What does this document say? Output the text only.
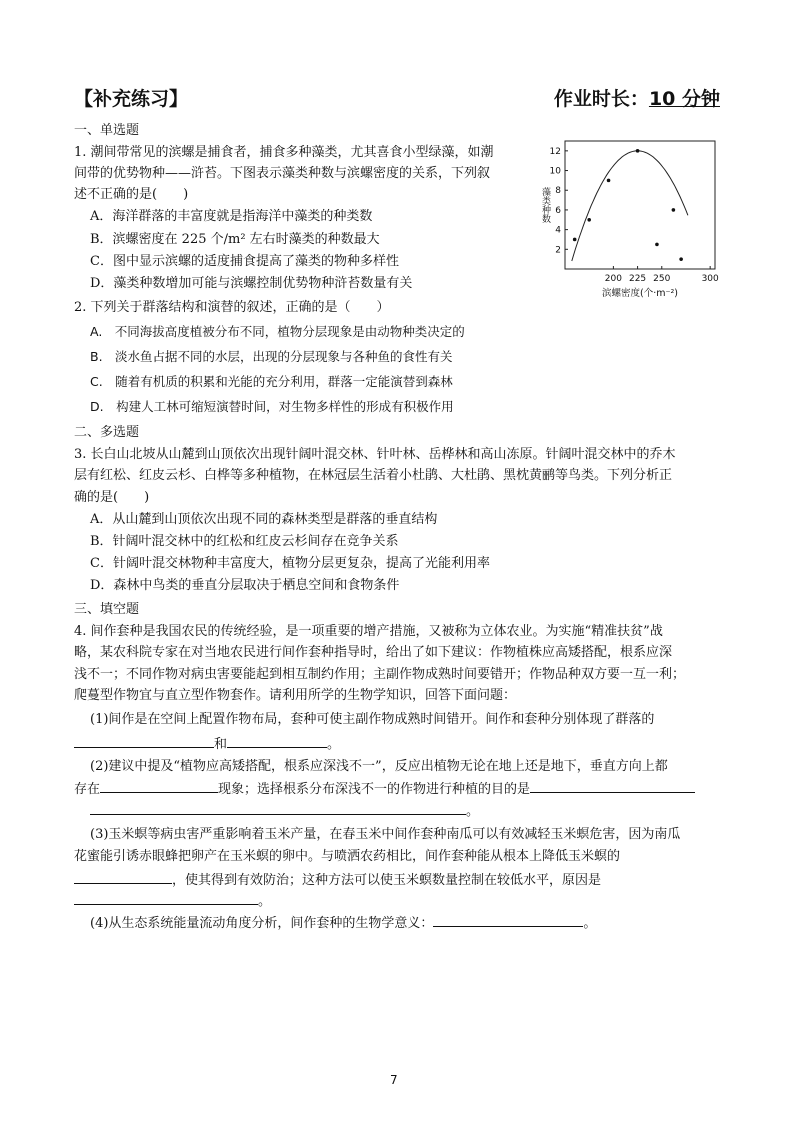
【补充练习】	作业时长：10 分钟
一、单选题
1. 潮间带常见的滨螺是捕食者，捕食多种藻类，尤其喜食小型绿藻，如潮
间带的优势物种——浒苔。下图表示藻类种数与滨螺密度的关系，下列叙
述不正确的是(　　)
A．海洋群落的丰富度就是指海洋中藻类的种类数
B．滨螺密度在 225 个/m² 左右时藻类的种数最大
C．图中显示滨螺的适度捕食提高了藻类的物种多样性
D．藻类种数增加可能与滨螺控制优势物种浒苔数量有关
2
4
6
8
10
12
200 225 250	300
滨螺密度(个·m⁻²)
藻类种数
2. 下列关于群落结构和演替的叙述，正确的是（　　）
A.　不同海拔高度植被分布不同，植物分层现象是由动物种类决定的
B.　淡水鱼占据不同的水层，出现的分层现象与各种鱼的食性有关
C.　随着有机质的积累和光能的充分利用，群落一定能演替到森林
D.　构建人工林可缩短演替时间，对生物多样性的形成有积极作用
二、多选题
3. 长白山北坡从山麓到山顶依次出现针阔叶混交林、针叶林、岳桦林和高山冻原。针阔叶混交林中的乔木
层有红松、红皮云杉、白桦等多种植物，在林冠层生活着小杜鹃、大杜鹃、黑枕黄鹂等鸟类。下列分析正
确的是(　　)
A．从山麓到山顶依次出现不同的森林类型是群落的垂直结构
B．针阔叶混交林中的红松和红皮云杉间存在竞争关系
C．针阔叶混交林物种丰富度大，植物分层更复杂，提高了光能利用率
D．森林中鸟类的垂直分层取决于栖息空间和食物条件
三、填空题
4. 间作套种是我国农民的传统经验，是一项重要的增产措施，又被称为立体农业。为实施“精准扶贫”战
略，某农科院专家在对当地农民进行间作套种指导时，给出了如下建议：作物植株应高矮搭配，根系应深
浅不一；不同作物对病虫害要能起到相互制约作用；主副作物成熟时间要错开；作物品种双方要一互一利；
爬蔓型作物宜与直立型作物套作。请利用所学的生物学知识，回答下面问题：
(1)间作是在空间上配置作物布局，套种可使主副作物成熟时间错开。间作和套种分别体现了群落的
和	。
(2)建议中提及“植物应高矮搭配，根系应深浅不一”，反应出植物无论在地上还是地下，垂直方向上都
存在	现象；选择根系分布深浅不一的作物进行种植的目的是
。
(3)玉米螟等病虫害严重影响着玉米产量，在春玉米中间作套种南瓜可以有效减轻玉米螟危害，因为南瓜
花蜜能引诱赤眼蜂把卵产在玉米螟的卵中。与喷洒农药相比，间作套种能从根本上降低玉米螟的
，使其得到有效防治；这种方法可以使玉米螟数量控制在较低水平，原因是
。
(4)从生态系统能量流动角度分析，间作套种的生物学意义：	。
7
